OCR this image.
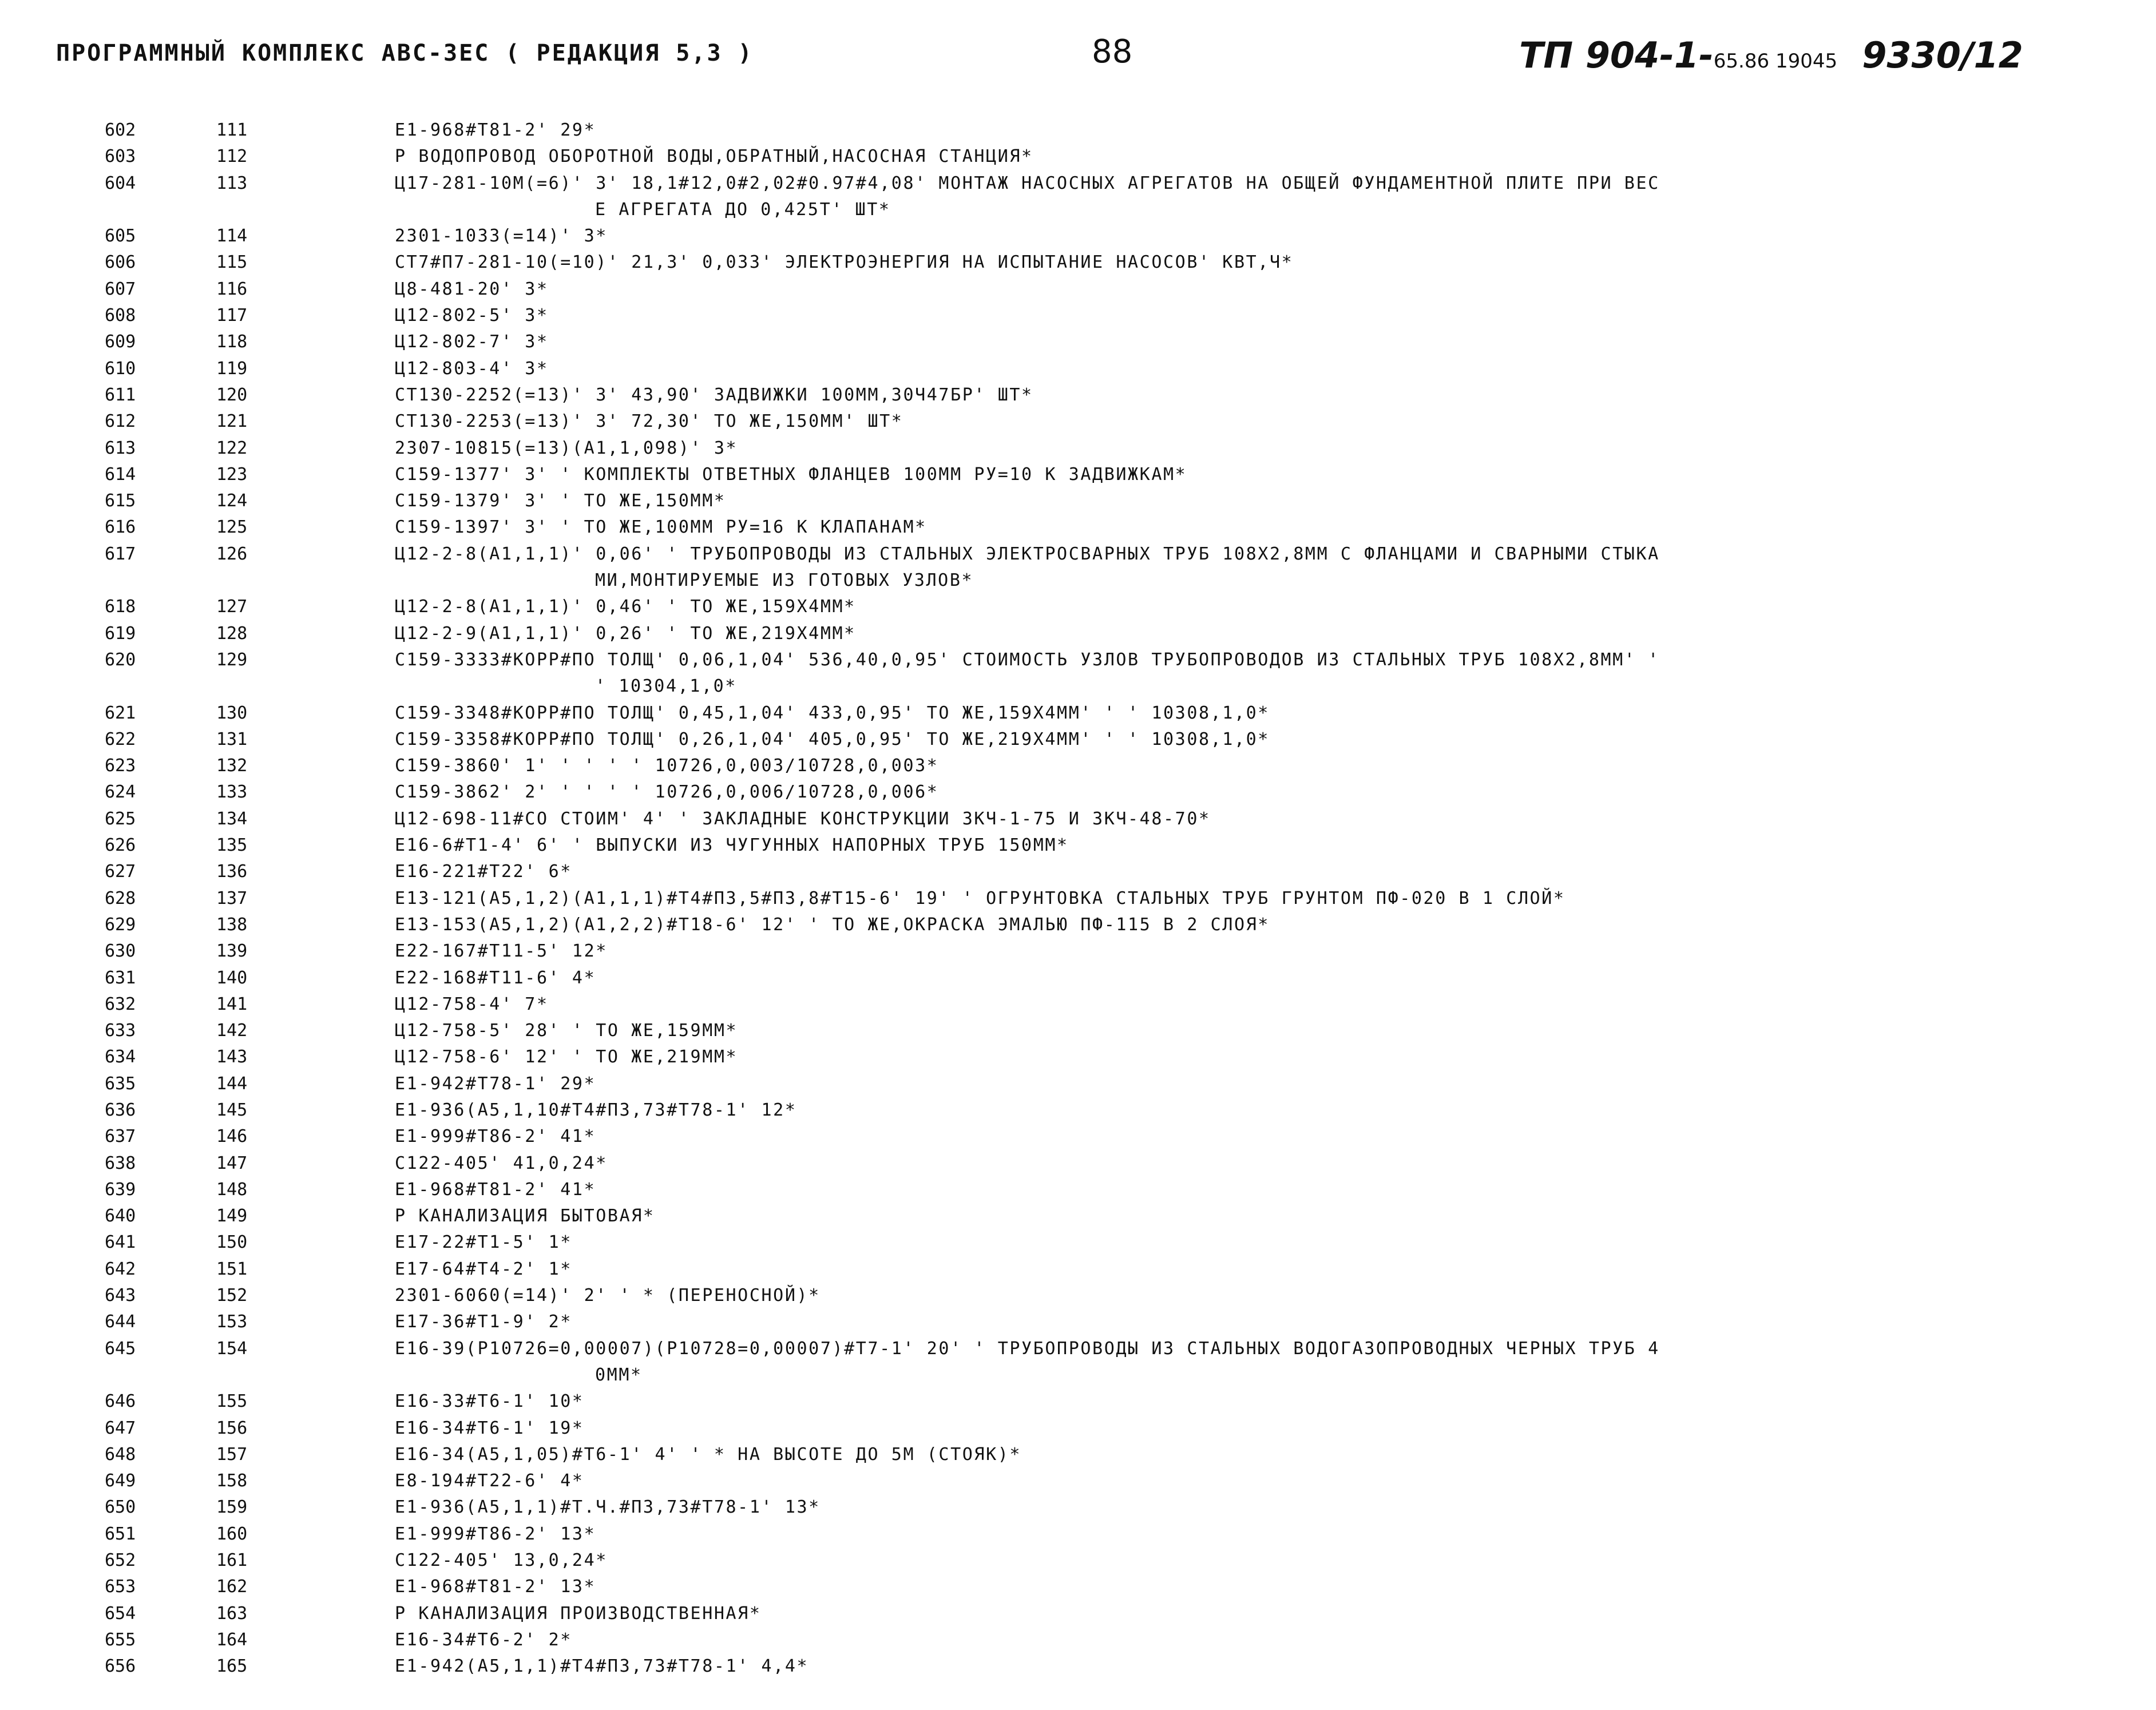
ПРОГРАММНЫЙ КОМПЛЕКС АВС-ЗЕС ( РЕДАКЦИЯ 5,3 )	88	ТП 904-1-65.86 19045 9330/12
602	111	Е1-968#Т81-2' 29*
603	112	Р ВОДОПРОВОД ОБОРОТНОЙ ВОДЫ,ОБРАТНЫЙ,НАСОСНАЯ СТАНЦИЯ*
604	113	Ц17-281-10М(=6)' 3' 18,1#12,0#2,02#0.97#4,08' МОНТАЖ НАСОСНЫХ АГРЕГАТОВ НА ОБЩЕЙ ФУНДАМЕНТНОЙ ПЛИТЕ ПРИ ВЕС
Е АГРЕГАТА ДО 0,425Т' ШТ*
605	114	2301-1033(=14)' 3*
606	115	СТ7#П7-281-10(=10)' 21,3' 0,033' ЭЛЕКТРОЭНЕРГИЯ НА ИСПЫТАНИЕ НАСОСОВ' КВТ,Ч*
607	116	Ц8-481-20' 3*
608	117	Ц12-802-5' 3*
609	118	Ц12-802-7' 3*
610	119	Ц12-803-4' 3*
611	120	СТ130-2252(=13)' 3' 43,90' ЗАДВИЖКИ 100ММ,30Ч47БР' ШТ*
612	121	СТ130-2253(=13)' 3' 72,30' ТО ЖЕ,150ММ' ШТ*
613	122	2307-10815(=13)(А1,1,098)' 3*
614	123	С159-1377' 3' ' КОМПЛЕКТЫ ОТВЕТНЫХ ФЛАНЦЕВ 100ММ РУ=10 К ЗАДВИЖКАМ*
615	124	С159-1379' 3' ' ТО ЖЕ,150ММ*
616	125	С159-1397' 3' ' ТО ЖЕ,100ММ РУ=16 К КЛАПАНАМ*
617	126	Ц12-2-8(А1,1,1)' 0,06' ' ТРУБОПРОВОДЫ ИЗ СТАЛЬНЫХ ЭЛЕКТРОСВАРНЫХ ТРУБ 108Х2,8ММ С ФЛАНЦАМИ И СВАРНЫМИ СТЫКА
МИ,МОНТИРУЕМЫЕ ИЗ ГОТОВЫХ УЗЛОВ*
618	127	Ц12-2-8(А1,1,1)' 0,46' ' ТО ЖЕ,159Х4ММ*
619	128	Ц12-2-9(А1,1,1)' 0,26' ' ТО ЖЕ,219Х4ММ*
620	129	С159-3333#КОРР#ПО ТОЛЩ' 0,06,1,04' 536,40,0,95' СТОИМОСТЬ УЗЛОВ ТРУБОПРОВОДОВ ИЗ СТАЛЬНЫХ ТРУБ 108Х2,8ММ' '
' 10304,1,0*
621	130	С159-3348#КОРР#ПО ТОЛЩ' 0,45,1,04' 433,0,95' ТО ЖЕ,159Х4ММ' ' ' 10308,1,0*
622	131	С159-3358#КОРР#ПО ТОЛЩ' 0,26,1,04' 405,0,95' ТО ЖЕ,219Х4ММ' ' ' 10308,1,0*
623	132	С159-3860' 1' ' ' ' ' 10726,0,003/10728,0,003*
624	133	С159-3862' 2' ' ' ' ' 10726,0,006/10728,0,006*
625	134	Ц12-698-11#СО СТОИМ' 4' ' ЗАКЛАДНЫЕ КОНСТРУКЦИИ ЗКЧ-1-75 И ЗКЧ-48-70*
626	135	Е16-6#Т1-4' 6' ' ВЫПУСКИ ИЗ ЧУГУННЫХ НАПОРНЫХ ТРУБ 150ММ*
627	136	Е16-221#Т22' 6*
628	137	Е13-121(А5,1,2)(А1,1,1)#Т4#П3,5#П3,8#Т15-6' 19' ' ОГРУНТОВКА СТАЛЬНЫХ ТРУБ ГРУНТОМ ПФ-020 В 1 СЛОЙ*
629	138	Е13-153(А5,1,2)(А1,2,2)#Т18-6' 12' ' ТО ЖЕ,ОКРАСКА ЭМАЛЬЮ ПФ-115 В 2 СЛОЯ*
630	139	Е22-167#Т11-5' 12*
631	140	Е22-168#Т11-6' 4*
632	141	Ц12-758-4' 7*
633	142	Ц12-758-5' 28' ' ТО ЖЕ,159ММ*
634	143	Ц12-758-6' 12' ' ТО ЖЕ,219ММ*
635	144	Е1-942#Т78-1' 29*
636	145	Е1-936(А5,1,10#Т4#П3,73#Т78-1' 12*
637	146	Е1-999#Т86-2' 41*
638	147	С122-405' 41,0,24*
639	148	Е1-968#Т81-2' 41*
640	149	Р КАНАЛИЗАЦИЯ БЫТОВАЯ*
641	150	Е17-22#Т1-5' 1*
642	151	Е17-64#Т4-2' 1*
643	152	2301-6060(=14)' 2' ' * (ПЕРЕНОСНОЙ)*
644	153	Е17-36#Т1-9' 2*
645	154	Е16-39(Р10726=0,00007)(Р10728=0,00007)#Т7-1' 20' ' ТРУБОПРОВОДЫ ИЗ СТАЛЬНЫХ ВОДОГАЗОПРОВОДНЫХ ЧЕРНЫХ ТРУБ 4
0ММ*
646	155	Е16-33#Т6-1' 10*
647	156	Е16-34#Т6-1' 19*
648	157	Е16-34(А5,1,05)#Т6-1' 4' ' * НА ВЫСОТЕ ДО 5М (СТОЯК)*
649	158	Е8-194#Т22-6' 4*
650	159	Е1-936(А5,1,1)#Т.Ч.#П3,73#Т78-1' 13*
651	160	Е1-999#Т86-2' 13*
652	161	С122-405' 13,0,24*
653	162	Е1-968#Т81-2' 13*
654	163	Р КАНАЛИЗАЦИЯ ПРОИЗВОДСТВЕННАЯ*
655	164	Е16-34#Т6-2' 2*
656	165	Е1-942(А5,1,1)#Т4#П3,73#Т78-1' 4,4*
